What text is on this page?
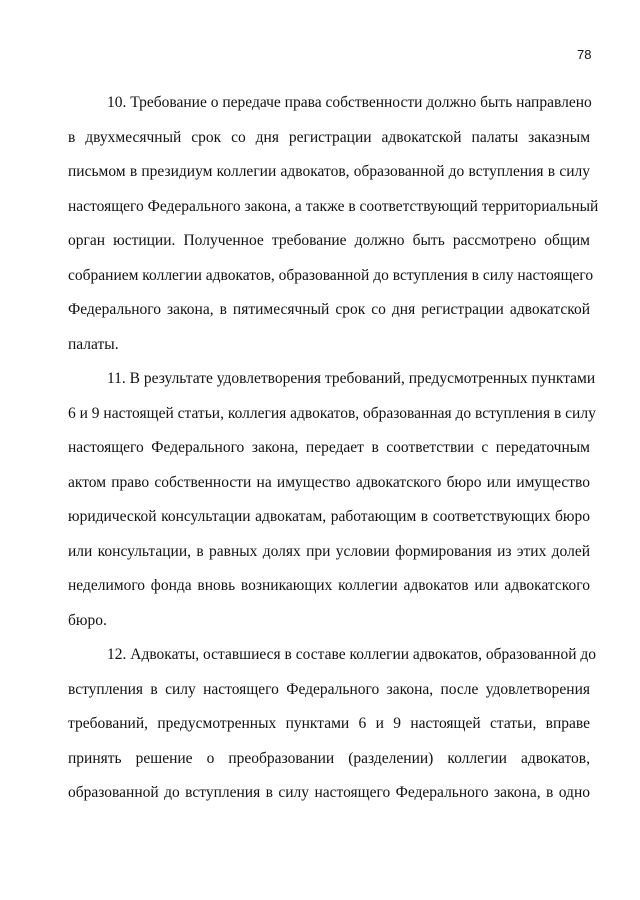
78
10. Требование о передаче права собственности должно быть направлено
в двухмесячный срок со дня регистрации адвокатской палаты заказным
письмом в президиум коллегии адвокатов, образованной до вступления в силу
настоящего Федерального закона, а также в соответствующий территориальный
орган юстиции. Полученное требование должно быть рассмотрено общим
собранием коллегии адвокатов, образованной до вступления в силу настоящего
Федерального закона, в пятимесячный срок со дня регистрации адвокатской
палаты.
11. В результате удовлетворения требований, предусмотренных пунктами
6 и 9 настоящей статьи, коллегия адвокатов, образованная до вступления в силу
настоящего Федерального закона, передает в соответствии с передаточным
актом право собственности на имущество адвокатского бюро или имущество
юридической консультации адвокатам, работающим в соответствующих бюро
или консультации, в равных долях при условии формирования из этих долей
неделимого фонда вновь возникающих коллегии адвокатов или адвокатского
бюро.
12. Адвокаты, оставшиеся в составе коллегии адвокатов, образованной до
вступления в силу настоящего Федерального закона, после удовлетворения
требований, предусмотренных пунктами 6 и 9 настоящей статьи, вправе
принять решение о преобразовании (разделении) коллегии адвокатов,
образованной до вступления в силу настоящего Федерального закона, в одно
